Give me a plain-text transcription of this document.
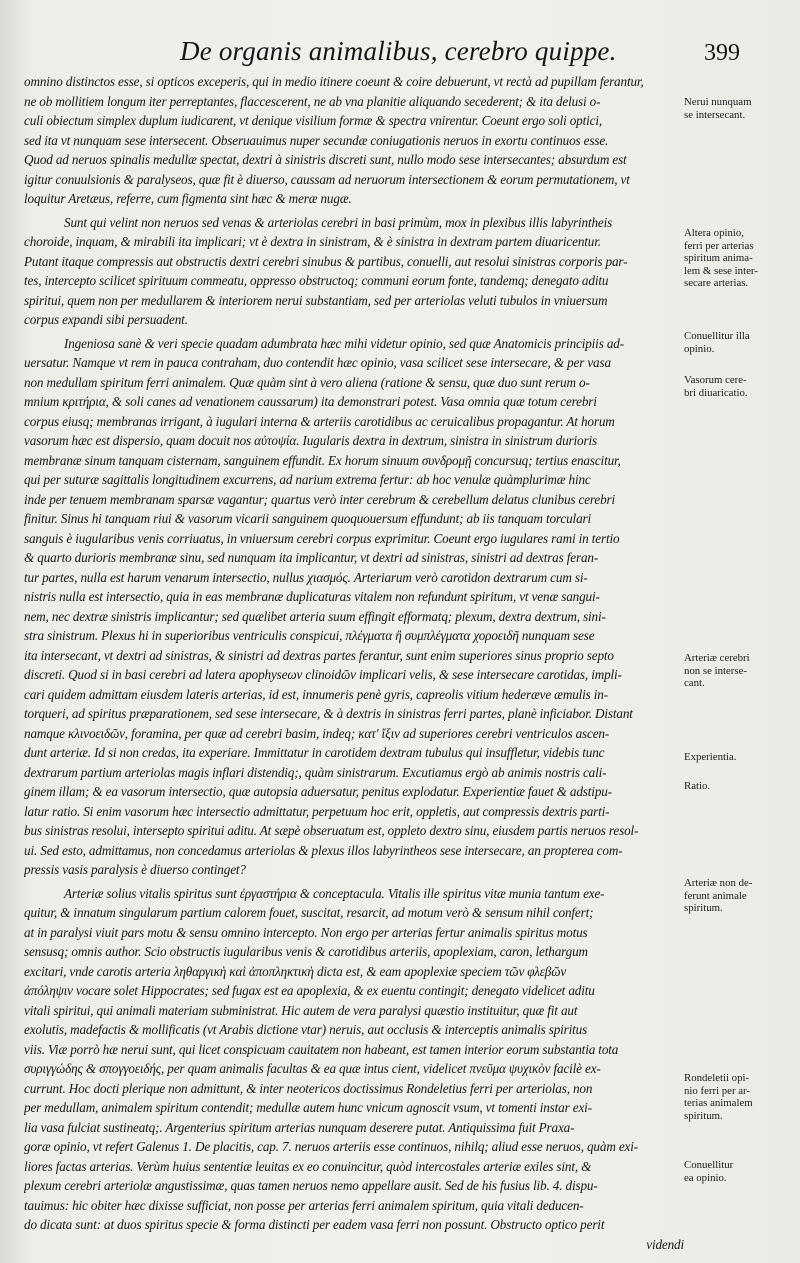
De organis animalibus, cerebro quippe.	399
omnino distinctos esse, si opticos exceperis, qui in medio itinere coeunt & coire debuerunt, vt rectà ad pupillam ferantur,
ne ob mollitiem longum iter perreptantes, flaccescerent, ne ab vna planitie aliquando secederent; & ita delusi o-
culi obiectum simplex duplum iudicarent, vt denique visilium formæ & spectra vnirentur. Coeunt ergo soli optici,
sed ita vt nunquam sese intersecent. Obseruauimus nuper secundæ coniugationis neruos in exortu continuos esse.
Quod ad neruos spinalis medullæ spectat, dextri à sinistris discreti sunt, nullo modo sese intersecantes; absurdum est
igitur conuulsionis & paralyseos, quæ fit è diuerso, caussam ad neruorum intersectionem & eorum permutationem, vt
loquitur Aretæus, referre, cum figmenta sint hæc & meræ nugæ.
Sunt qui velint non neruos sed venas & arteriolas cerebri in basi primùm, mox in plexibus illis labyrintheis
choroide, inquam, & mirabili ita implicari; vt è dextra in sinistram, & è sinistra in dextram partem diuaricentur.
Putant itaque compressis aut obstructis dextri cerebri sinubus & partibus, conuelli, aut resolui sinistras corporis par-
tes, intercepto scilicet spirituum commeatu, oppresso obstructoq; communi eorum fonte, tandemq; denegato aditu
spiritui, quem non per medullarem & interiorem nerui substantiam, sed per arteriolas veluti tubulos in vniuersum
corpus expandi sibi persuadent.
Ingeniosa sanè & veri specie quadam adumbrata hæc mihi videtur opinio, sed quæ Anatomicis principiis ad-
uersatur. Namque vt rem in pauca contraham, duo contendit hæc opinio, vasa scilicet sese intersecare, & per vasa
non medullam spiritum ferri animalem. Quæ quàm sint à vero aliena (ratione & sensu, quæ duo sunt rerum o-
mnium κριτήρια, & soli canes ad venationem caussarum) ita demonstrari potest. Vasa omnia quæ totum cerebri
corpus eiusq; membranas irrigant, à iugulari interna & arteriis carotidibus ac ceruicalibus propagantur. At horum
vasorum hæc est dispersio, quam docuit nos αὐτοψία. Iugularis dextra in dextrum, sinistra in sinistrum durioris
membranæ sinum tanquam cisternam, sanguinem effundit. Ex horum sinuum συνδρομῇ concursuq; tertius enascitur,
qui per suturæ sagittalis longitudinem excurrens, ad narium extrema fertur: ab hoc venulæ quàmplurimæ hinc
inde per tenuem membranam sparsæ vagantur; quartus verò inter cerebrum & cerebellum delatus clunibus cerebri
finitur. Sinus hi tanquam riui & vasorum vicarii sanguinem quoquouersum effundunt; ab iis tanquam torculari
sanguis è iugularibus venis corriuatus, in vniuersum cerebri corpus exprimitur. Coeunt ergo iugulares rami in tertio
& quarto durioris membranæ sinu, sed nunquam ita implicantur, vt dextri ad sinistras, sinistri ad dextras feran-
tur partes, nulla est harum venarum intersectio, nullus χιασμός. Arteriarum verò carotidon dextrarum cum si-
nistris nulla est intersectio, quia in eas membranæ duplicaturas vitalem non refundunt spiritum, vt venæ sangui-
nem, nec dextræ sinistris implicantur; sed quælibet arteria suum effingit efformatq; plexum, dextra dextrum, sini-
stra sinistrum. Plexus hi in superioribus ventriculis conspicui, πλέγματα ἢ συμπλέγματα χοροειδῆ nunquam sese
ita intersecant, vt dextri ad sinistras, & sinistri ad dextras partes ferantur, sunt enim superiores sinus proprio septo
discreti. Quod si in basi cerebri ad latera apophyseων clinoidῶν implicari velis, & sese intersecare carotidas, impli-
cari quidem admittam eiusdem lateris arterias, id est, innumeris penè gyris, capreolis vitium hederæve æmulis in-
torqueri, ad spiritus præparationem, sed sese intersecare, & à dextris in sinistras ferri partes, planè inficiabor. Distant
namque κλινοειδῶν, foramina, per quæ ad cerebri basim, indeq; κατ' ἴξιν ad superiores cerebri ventriculos ascen-
dunt arteriæ. Id si non credas, ita experiare. Immittatur in carotidem dextram tubulus qui insuffletur, videbis tunc
dextrarum partium arteriolas magis inflari distendiq;, quàm sinistrarum. Excutiamus ergò ab animis nostris cali-
ginem illam; & ea vasorum intersectio, quæ autopsia aduersatur, penitus explodatur. Experientiæ fauet & adstipu-
latur ratio. Si enim vasorum hæc intersectio admittatur, perpetuum hoc erit, oppletis, aut compressis dextris parti-
bus sinistras resolui, intersepto spiritui aditu. At sæpè obseruatum est, oppleto dextro sinu, eiusdem partis neruos resol-
ui. Sed esto, admittamus, non concedamus arteriolas & plexus illos labyrintheos sese intersecare, an propterea com-
pressis vasis paralysis è diuerso continget?
Arteriæ solius vitalis spiritus sunt ἐργαστήρια & conceptacula. Vitalis ille spiritus vitæ munia tantum exe-
quitur, & innatum singularum partium calorem fouet, suscitat, resarcit, ad motum verò & sensum nihil confert;
at in paralysi viuit pars motu & sensu omnino intercepto. Non ergo per arterias fertur animalis spiritus motus
sensusq; omnis author. Scio obstructis iugularibus venis & carotidibus arteriis, apoplexiam, caron, lethargum
excitari, vnde carotis arteria ληθαργικὴ καὶ ἀποπληκτικὴ dicta est, & eam apoplexiæ speciem τῶν φλεβῶν
ἀπόληψιν vocare solet Hippocrates; sed fugax est ea apoplexia, & ex euentu contingit; denegato videlicet aditu
vitali spiritui, qui animali materiam subministrat. Hic autem de vera paralysi quæstio instituitur, quæ fit aut
exolutis, madefactis & mollificatis (vt Arabis dictione vtar) neruis, aut occlusis & interceptis animalis spiritus
viis. Viæ porrò hæ nerui sunt, qui licet conspicuam cauitatem non habeant, est tamen interior eorum substantia tota
συριγγώδης & σπογγοειδής, per quam animalis facultas & ea quæ intus cient, videlicet πνεῦμα ψυχικὸν facilè ex-
currunt. Hoc docti plerique non admittunt, & inter neotericos doctissimus Rondeletius ferri per arteriolas, non
per medullam, animalem spiritum contendit; medullæ autem hunc vnicum agnoscit vsum, vt tomenti instar exi-
lia vasa fulciat sustineatq;. Argenterius spiritum arterias nunquam deserere putat. Antiquissima fuit Praxa-
goræ opinio, vt refert Galenus 1. De placitis, cap. 7. neruos arteriis esse continuos, nihilq; aliud esse neruos, quàm exi-
liores factas arterias. Verùm huius sententiæ leuitas ex eo conuincitur, quòd intercostales arteriæ exiles sint, &
plexum cerebri arteriolæ angustissimæ, quas tamen neruos nemo appellare ausit. Sed de his fusius lib. 4. dispu-
tauimus: hic obiter hæc dixisse sufficiat, non posse per arterias ferri animalem spiritum, quia vitali deducen-
do dicata sunt: at duos spiritus specie & forma distincti per eadem vasa ferri non possunt. Obstructo optico perit
videndi
Nerui nunquam
se intersecant.
Altera opinio,
ferri per arterias
spiritum anima-
lem & sese inter-
secare arterias.
Conuellitur illa
opinio.
Vasorum cere-
bri diuaricatio.
Arteriæ cerebri
non se interse-
cant.
Experientia.
Ratio.
Arteriæ non de-
ferunt animale
spiritum.
Rondeletii opi-
nio ferri per ar-
terias animalem
spiritum.
Conuellitur
ea opinio.
